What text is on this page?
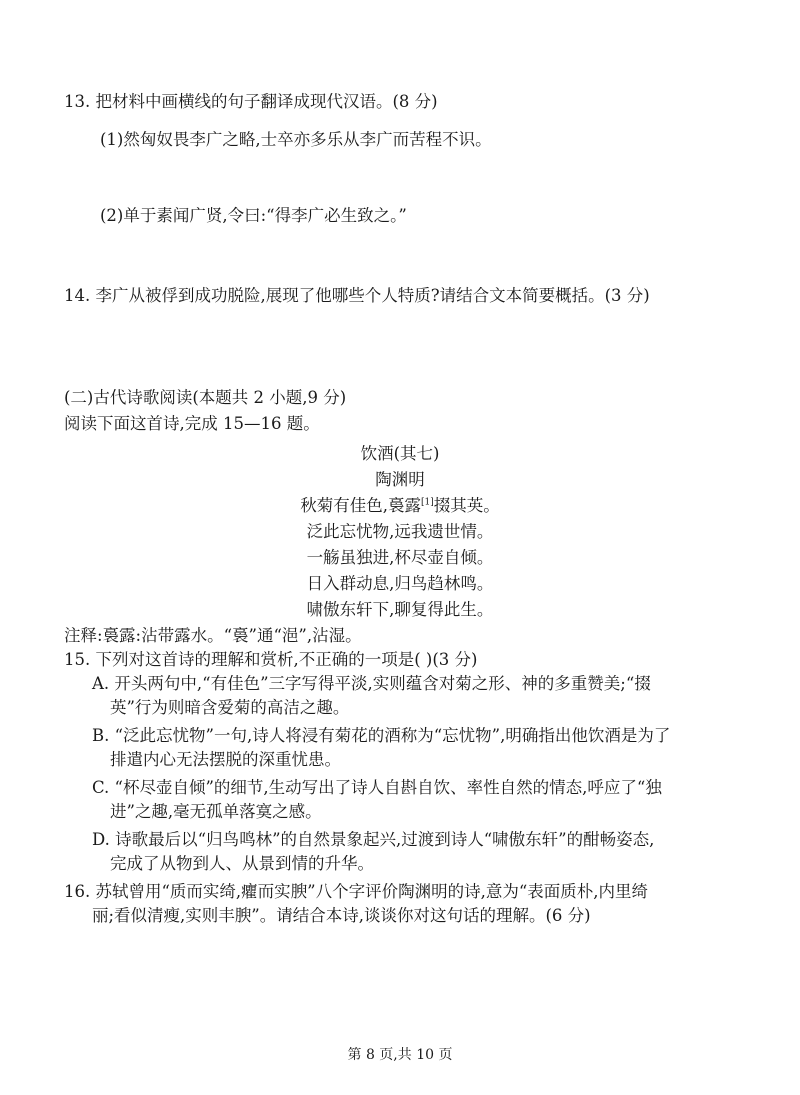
13. 把材料中画横线的句子翻译成现代汉语。(8 分)
(1)然匈奴畏李广之略,士卒亦多乐从李广而苦程不识。
(2)单于素闻广贤,令曰:“得李广必生致之。”
14. 李广从被俘到成功脱险,展现了他哪些个人特质?请结合文本简要概括。(3 分)
(二)古代诗歌阅读(本题共 2 小题,9 分)
阅读下面这首诗,完成 15—16 题。
饮酒(其七)
陶渊明
秋菊有佳色,裛露[1]掇其英。
泛此忘忧物,远我遗世情。
一觞虽独进,杯尽壶自倾。
日入群动息,归鸟趋林鸣。
啸傲东轩下,聊复得此生。
注释:裛露:沾带露水。“裛”通“浥”,沾湿。
15. 下列对这首诗的理解和赏析,不正确的一项是( )(3 分)
A. 开头两句中,“有佳色”三字写得平淡,实则蕴含对菊之形、神的多重赞美;“掇
英”行为则暗含爱菊的高洁之趣。
B. “泛此忘忧物”一句,诗人将浸有菊花的酒称为“忘忧物”,明确指出他饮酒是为了
排遣内心无法摆脱的深重忧患。
C. “杯尽壶自倾”的细节,生动写出了诗人自斟自饮、率性自然的情态,呼应了“独
进”之趣,毫无孤单落寞之感。
D. 诗歌最后以“归鸟鸣林”的自然景象起兴,过渡到诗人“啸傲东轩”的酣畅姿态,
完成了从物到人、从景到情的升华。
16. 苏轼曾用“质而实绮,癯而实腴”八个字评价陶渊明的诗,意为“表面质朴,内里绮
丽;看似清瘦,实则丰腴”。请结合本诗,谈谈你对这句话的理解。(6 分)
第 8 页,共 10 页
